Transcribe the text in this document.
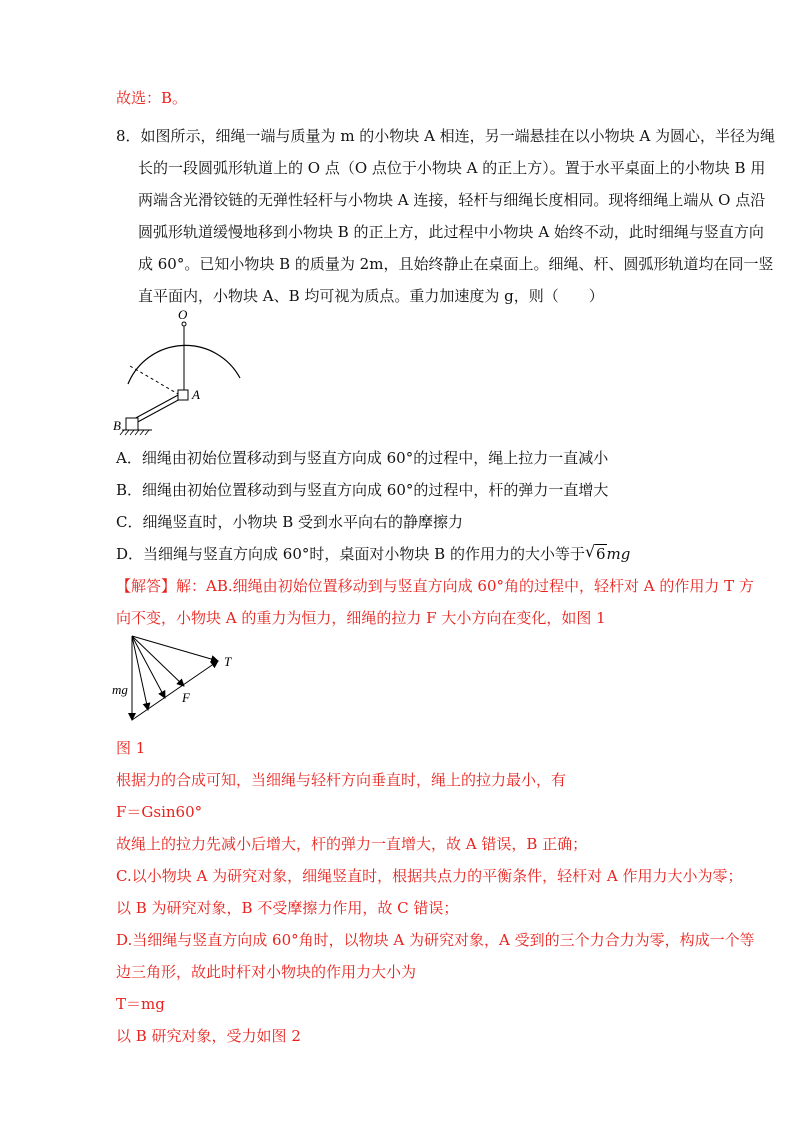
故选：B。
8．如图所示，细绳一端与质量为 m 的小物块 A 相连，另一端悬挂在以小物块 A 为圆心，半径为绳
长的一段圆弧形轨道上的 O 点（O 点位于小物块 A 的正上方）。置于水平桌面上的小物块 B 用
两端含光滑铰链的无弹性轻杆与小物块 A 连接，轻杆与细绳长度相同。现将细绳上端从 O 点沿
圆弧形轨道缓慢地移到小物块 B 的正上方，此过程中小物块 A 始终不动，此时细绳与竖直方向
成 60°。已知小物块 B 的质量为 2m，且始终静止在桌面上。细绳、杆、圆弧形轨道均在同一竖
直平面内，小物块 A、B 均可视为质点。重力加速度为 g，则（　　）
O
A
B
A．细绳由初始位置移动到与竖直方向成 60°的过程中，绳上拉力一直减小
B．细绳由初始位置移动到与竖直方向成 60°的过程中，杆的弹力一直增大
C．细绳竖直时，小物块 B 受到水平向右的静摩擦力
D．当细绳与竖直方向成 60°时，桌面对小物块 B 的作用力的大小等于 √ 6mg
【解答】解：AB.细绳由初始位置移动到与竖直方向成 60°角的过程中，轻杆对 A 的作用力 T 方
向不变，小物块 A 的重力为恒力，细绳的拉力 F 大小方向在变化，如图 1
T
mg
F
图 1
根据力的合成可知，当细绳与轻杆方向垂直时，绳上的拉力最小，有
F＝Gsin60°
故绳上的拉力先减小后增大，杆的弹力一直增大，故 A 错误，B 正确；
C.以小物块 A 为研究对象，细绳竖直时，根据共点力的平衡条件，轻杆对 A 作用力大小为零；
以 B 为研究对象，B 不受摩擦力作用，故 C 错误；
D.当细绳与竖直方向成 60°角时，以物块 A 为研究对象，A 受到的三个力合力为零，构成一个等
边三角形，故此时杆对小物块的作用力大小为
T＝mg
以 B 研究对象，受力如图 2
